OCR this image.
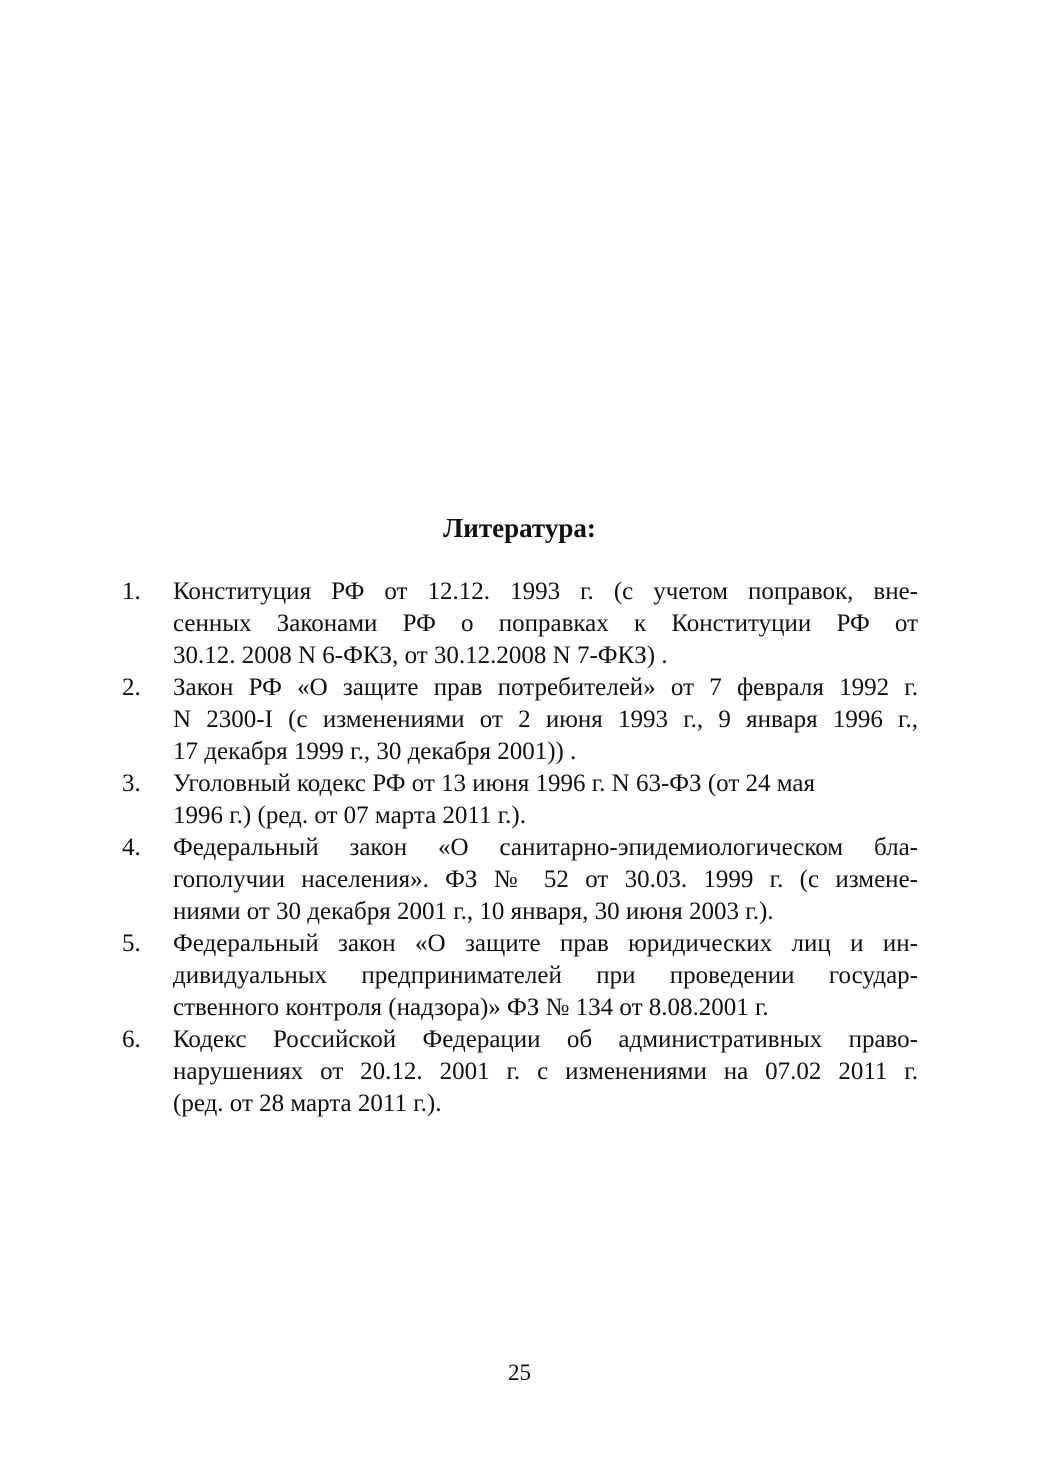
Литература:
1.	Конституция РФ от 12.12. 1993 г. (с учетом поправок, вне-
сенных Законами РФ о поправках к Конституции РФ от
30.12. 2008 N 6-ФКЗ, от 30.12.2008 N 7-ФКЗ) .
2.	Закон РФ «О защите прав потребителей» от 7 февраля 1992 г.
N 2300-I (с изменениями от 2 июня 1993 г., 9 января 1996 г.,
17 декабря 1999 г., 30 декабря 2001)) .
3.	Уголовный кодекс РФ от 13 июня 1996 г. N 63-ФЗ (от 24 мая
1996 г.) (ред. от 07 марта 2011 г.).
4.	Федеральный закон «О санитарно-эпидемиологическом бла-
гополучии населения». ФЗ № 52 от 30.03. 1999 г. (с измене-
ниями от 30 декабря 2001 г., 10 января, 30 июня 2003 г.).
5.	Федеральный закон «О защите прав юридических лиц и ин-
дивидуальных предпринимателей при проведении государ-
ственного контроля (надзора)» ФЗ № 134 от 8.08.2001 г.
6.	Кодекс Российской Федерации об административных право-
нарушениях от 20.12. 2001 г. с изменениями на 07.02 2011 г.
(ред. от 28 марта 2011 г.).
25
